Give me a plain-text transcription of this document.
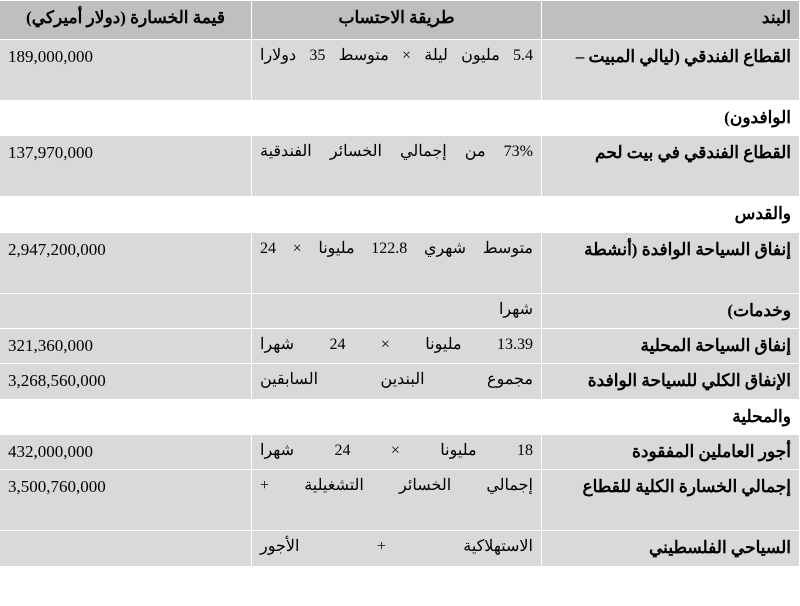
البند	طريقة الاحتساب	قيمة الخسارة (دولار أميركي)
القطاع الفندقي (ليالي المبيت –	5.4 مليون ليلة × متوسط 35 دولارا	189,000,000
الوافدون)		
القطاع الفندقي في بيت لحم	73% من إجمالي الخسائر الفندقية	137,970,000
والقدس		
إنفاق السياحة الوافدة (أنشطة	متوسط شهري 122.8 مليونا × 24	2,947,200,000
وخدمات)	شهرا	
إنفاق السياحة المحلية	13.39 مليونا × 24 شهرا	321,360,000
الإنفاق الكلي للسياحة الوافدة	مجموع البندين السابقين	3,268,560,000
والمحلية		
أجور العاملين المفقودة	18 مليونا × 24 شهرا	432,000,000
إجمالي الخسارة الكلية للقطاع	إجمالي الخسائر التشغيلية +	3,500,760,000
السياحي الفلسطيني	الاستهلاكية + الأجور	
